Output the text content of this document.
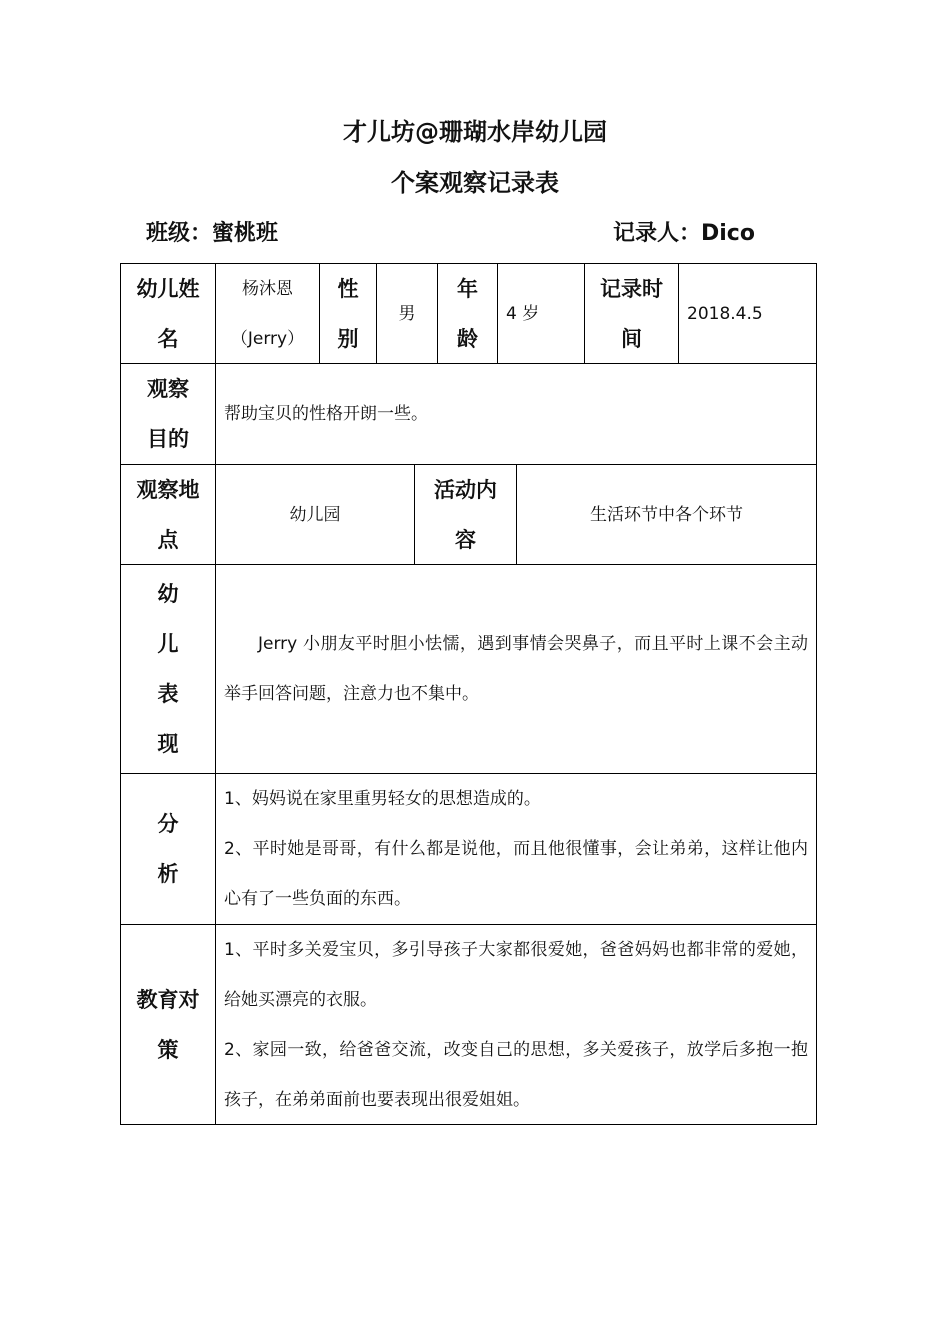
才儿坊@珊瑚水岸幼儿园
个案观察记录表
班级：蜜桃班	记录人：Dico
幼儿姓
名
杨沐恩
（Jerry）
性
别
男
年
龄
4 岁
记录时
间
2018.4.5
观察
目的
帮助宝贝的性格开朗一些。
观察地
点
幼儿园
活动内
容
生活环节中各个环节
幼
儿
表
现
Jerry 小朋友平时胆小怯懦，遇到事情会哭鼻子，而且平时上课不会主动举手回答问题，注意力也不集中。
分
析
1、妈妈说在家里重男轻女的思想造成的。
2、平时她是哥哥，有什么都是说他，而且他很懂事，会让弟弟，这样让他内心有了一些负面的东西。
教育对
策
1、平时多关爱宝贝，多引导孩子大家都很爱她，爸爸妈妈也都非常的爱她，给她买漂亮的衣服。
2、家园一致，给爸爸交流，改变自己的思想，多关爱孩子，放学后多抱一抱孩子，在弟弟面前也要表现出很爱姐姐。
